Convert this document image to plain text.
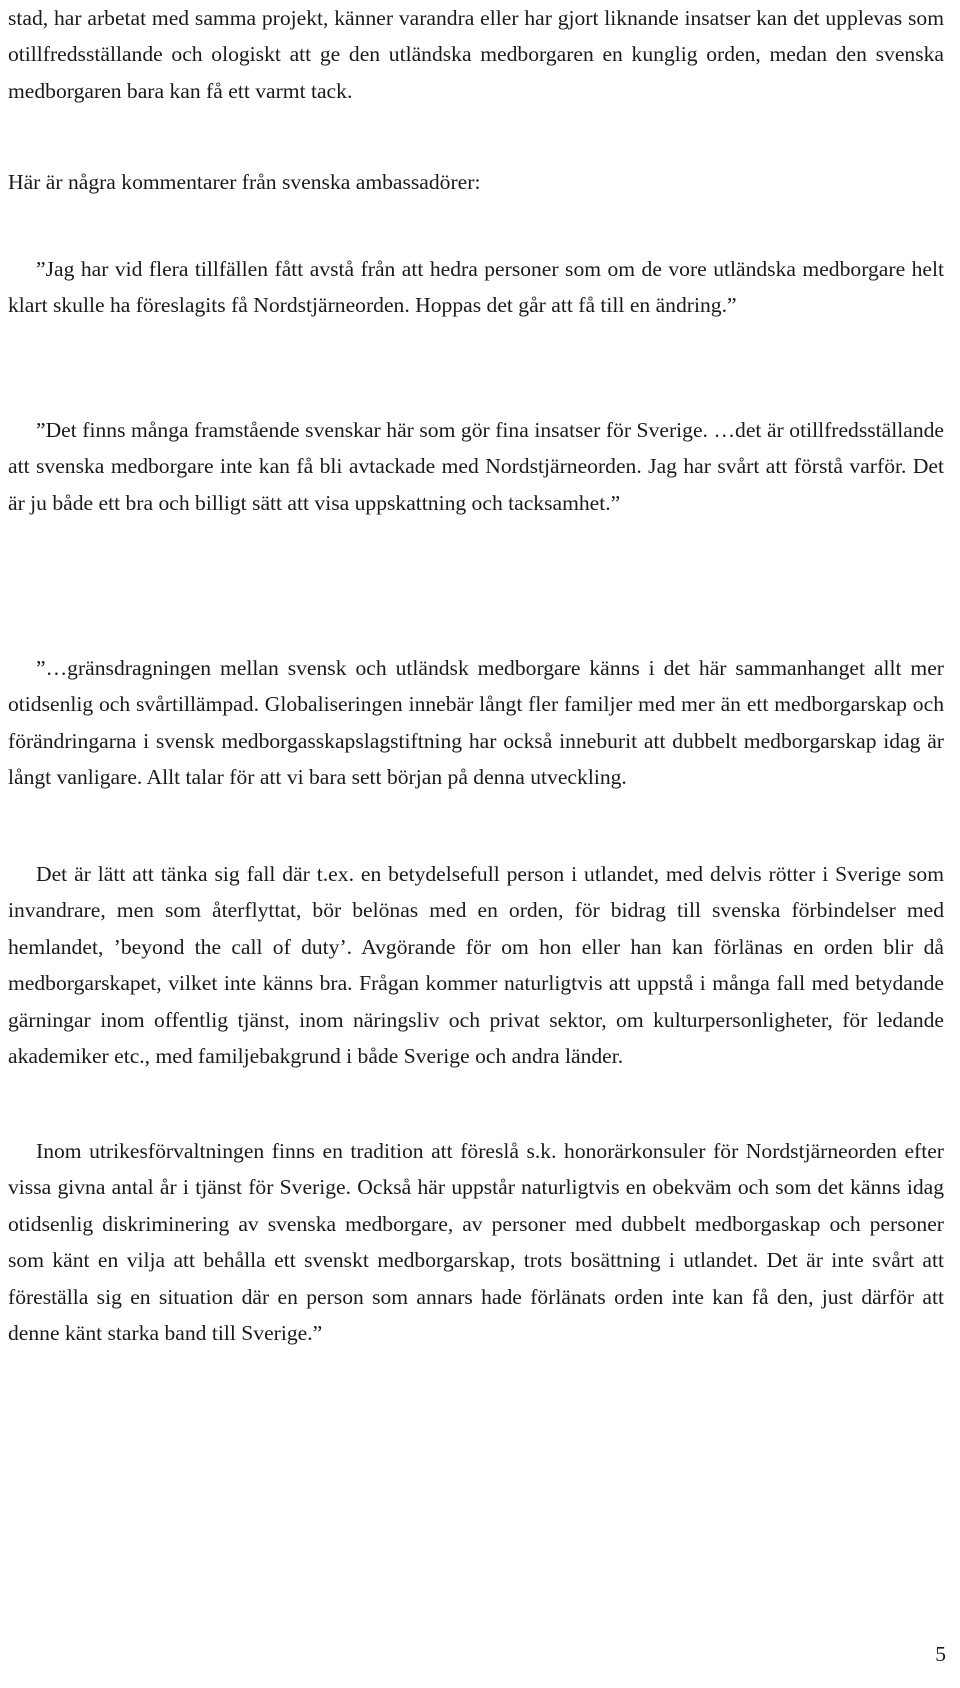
stad, har arbetat med samma projekt, känner varandra eller har gjort liknande insatser kan det upplevas som otillfredsställande och ologiskt att ge den utländska medborgaren en kunglig orden, medan den svenska medborgaren bara kan få ett varmt tack.

Här är några kommentarer från svenska ambassadörer:

”Jag har vid flera tillfällen fått avstå från att hedra personer som om de vore utländska medborgare helt klart skulle ha föreslagits få Nordstjärneorden. Hoppas det går att få till en ändring.”

”Det finns många framstående svenskar här som gör fina insatser för Sverige. …det är otillfredsställande att svenska medborgare inte kan få bli avtackade med Nordstjärneorden. Jag har svårt att förstå varför. Det är ju både ett bra och billigt sätt att visa uppskattning och tacksamhet.”

”…gränsdragningen mellan svensk och utländsk medborgare känns i det här sammanhanget allt mer otidsenlig och svårtillämpad. Globaliseringen innebär långt fler familjer med mer än ett medborgarskap och förändringarna i svensk medborgasskapslagstiftning har också inneburit att dubbelt medborgarskap idag är långt vanligare. Allt talar för att vi bara sett början på denna utveckling.

Det är lätt att tänka sig fall där t.ex. en betydelsefull person i utlandet, med delvis rötter i Sverige som invandrare, men som återflyttat, bör belönas med en orden, för bidrag till svenska förbindelser med hemlandet, ’beyond the call of duty’. Avgörande för om hon eller han kan förlänas en orden blir då medborgarskapet, vilket inte känns bra. Frågan kommer naturligtvis att uppstå i många fall med betydande gärningar inom offentlig tjänst, inom näringsliv och privat sektor, om kulturpersonligheter, för ledande akademiker etc., med familjebakgrund i både Sverige och andra länder.

Inom utrikesförvaltningen finns en tradition att föreslå s.k. honorärkonsuler för Nordstjärneorden efter vissa givna antal år i tjänst för Sverige. Också här uppstår naturligtvis en obekväm och som det känns idag otidsenlig diskriminering av svenska medborgare, av personer med dubbelt medborgaskap och personer som känt en vilja att behålla ett svenskt medborgarskap, trots bosättning i utlandet. Det är inte svårt att föreställa sig en situation där en person som annars hade förlänats orden inte kan få den, just därför att denne känt starka band till Sverige.”

5
